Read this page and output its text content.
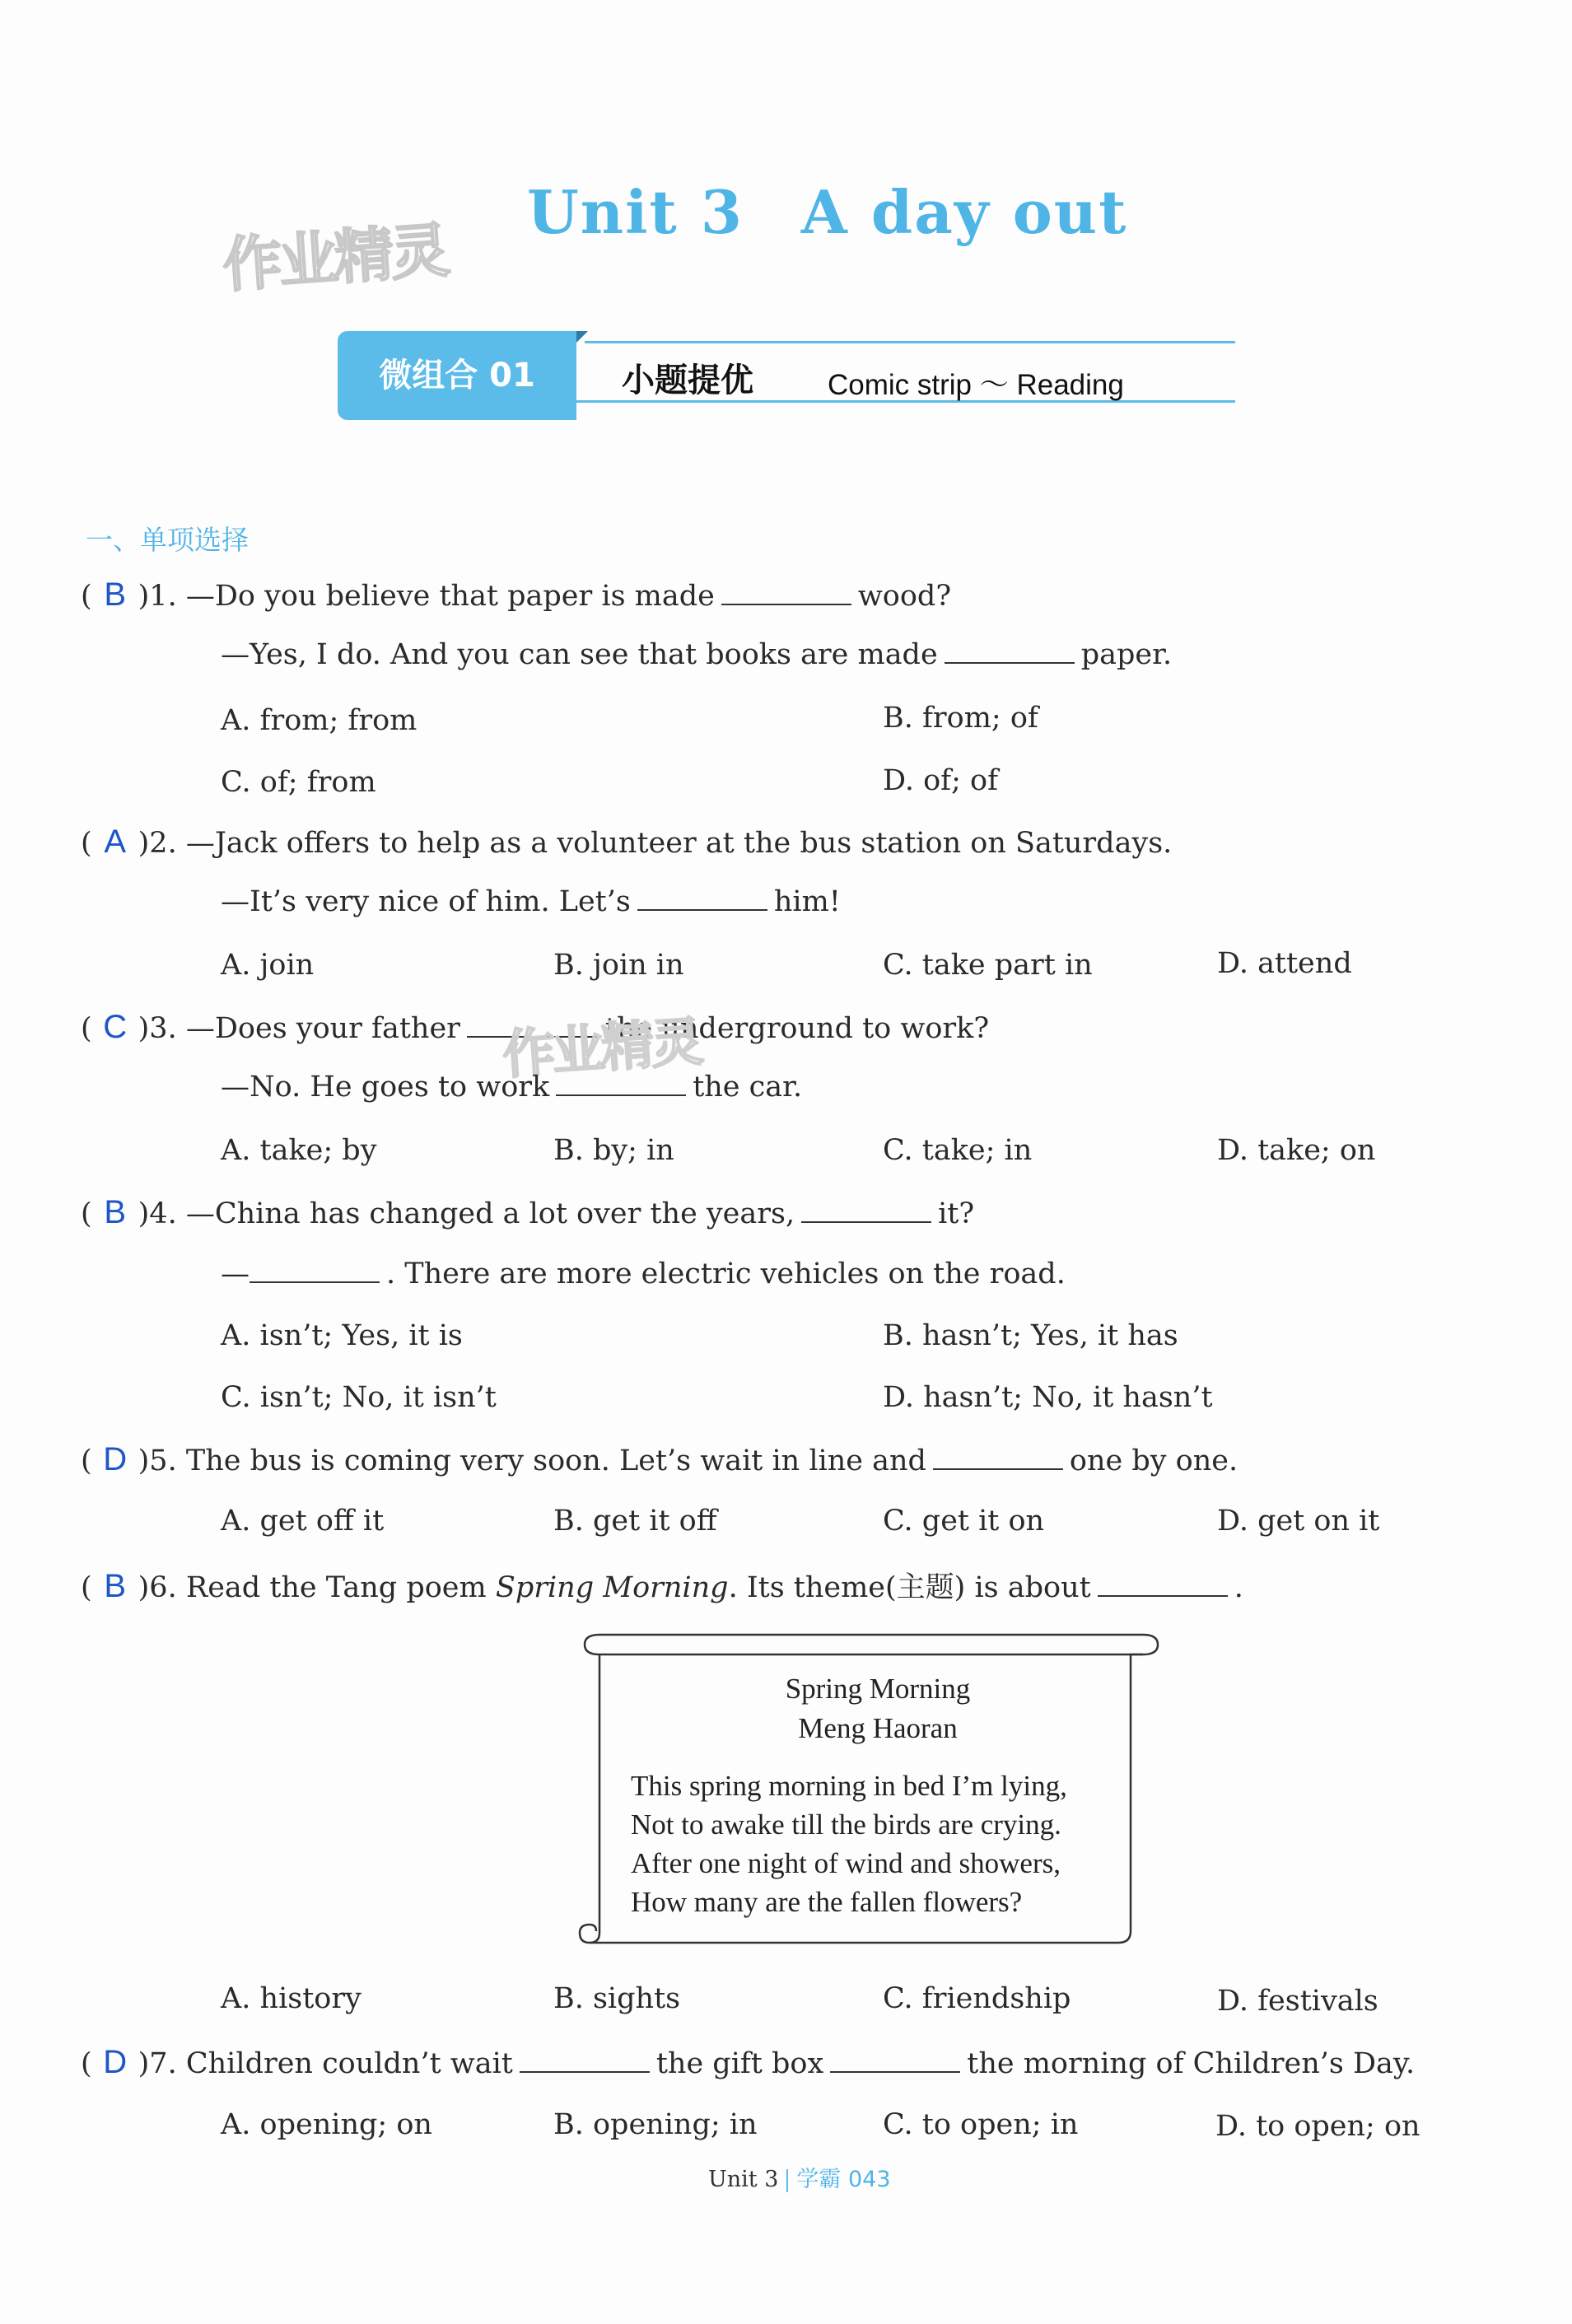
作业精灵
Unit 3 A day out
微组合 01	小题提优	Comic strip ～ Reading
一、单项选择
( B )1. —Do you believe that paper is made	wood?
—Yes, I do. And you can see that books are made	paper.
A. from; from	B. from; of
C. of; from	D. of; of
( A )2. —Jack offers to help as a volunteer at the bus station on Saturdays.
—It’s very nice of him. Let’s	him!
A. join	B. join in	C. take part in	D. attend
( C )3. —Does your father	the underground to work?
作业精灵
—No. He goes to work	the car.
A. take; by	B. by; in	C. take; in	D. take; on
( B )4. —China has changed a lot over the years,	it?
—	. There are more electric vehicles on the road.
A. isn’t; Yes, it is	B. hasn’t; Yes, it has
C. isn’t; No, it isn’t	D. hasn’t; No, it hasn’t
( D )5. The bus is coming very soon. Let’s wait in line and	one by one.
A. get off it	B. get it off	C. get it on	D. get on it
( B )6. Read the Tang poem Spring Morning. Its theme(主题) is about	.
Spring Morning
Meng Haoran
This spring morning in bed I’m lying,
Not to awake till the birds are crying.
After one night of wind and showers,
How many are the fallen flowers?
A. history	B. sights	C. friendship	D. festivals
( D )7. Children couldn’t wait	the gift box	the morning of Children’s Day.
A. opening; on	B. opening; in	C. to open; in	D. to open; on
Unit 3 学霸 043
